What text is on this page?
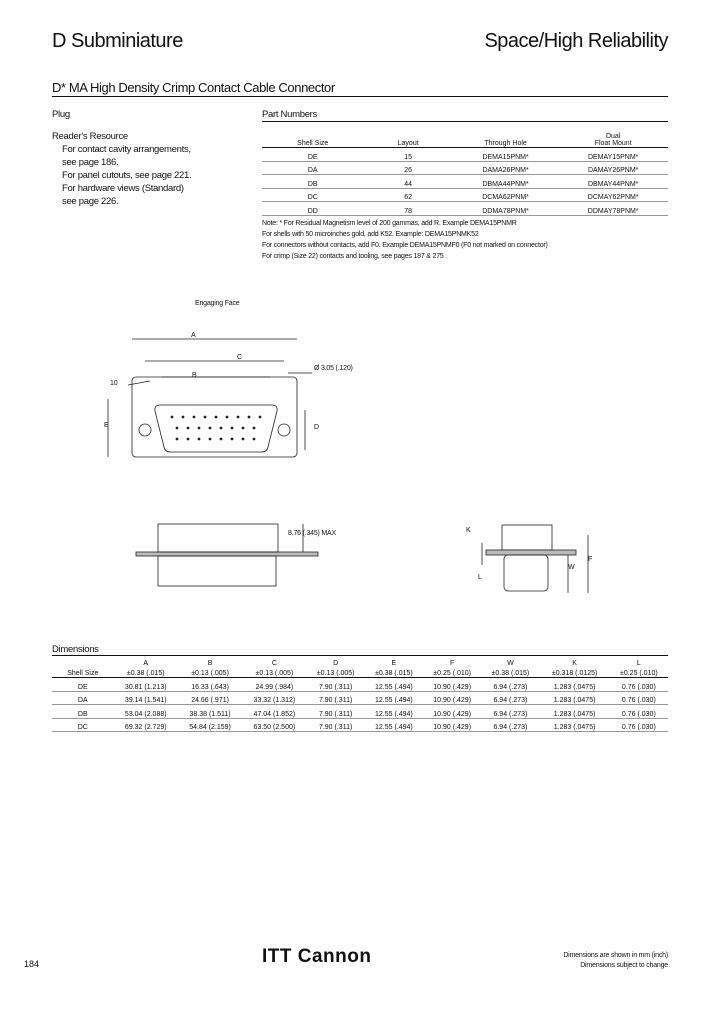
D Subminiature	Space/High Reliability
D* MA High Density Crimp Contact Cable Connector
Plug
Reader's Resource
For contact cavity arrangements,
see page 186.
For panel cutouts, see page 221.
For hardware views (Standard)
see page 226.
Part Numbers
Shell Size	Layout	Through Hole	Dual
Float Mount

DE	15	DEMA15PNM*	DEMAY15PNM*
DA	26	DAMA26PNM*	DAMAY26PNM*
DB	44	DBMA44PNM*	DBMAY44PNM*
DC	62	DCMA62PNM*	DCMAY62PNM*
DD	78	DDMA78PNM*	DDMAY78PNM*
Note: * For Residual Magnetism level of 200 gammas, add R. Example DEMA15PNMR
For shells with 50 microinches gold, add K52. Example: DEMA15PNMK52
For connectors without contacts, add F0. Example DEMA15PNMF0 (F0 not marked on connector)
For crimp (Size 22) contacts and tooling, see pages 187 & 275
Engaging Face
A
C
B
10
E	D
Ø 3.05 (.120)
8.76 (.345) MAX	K
L
W
F
Dimensions
	A	B	C	D	E	F	W	K	L
Shell Size	±0.38 (.015)	±0.13 (.005)	±0.13 (.005)	±0.13 (.005)	±0.38 (.015)	±0.25 (.010)	±0.38 (.015)	±0.318 (.0125)	±0.25 (.010)
DE	30.81 (1.213)	16.33 (.643)	24.99 (.984)	7.90 (.311)	12.55 (.494)	10.90 (.429)	6.94 (.273)	1.283 (.0475)	0.76 (.030)
DA	39.14 (1.541)	24.66 (.971)	33.32 (1.312)	7.90 (.311)	12.55 (.494)	10.90 (.429)	6.94 (.273)	1.283 (.0475)	0.76 (.030)
DB	53.04 (2.088)	38.38 (1.511)	47.04 (1.852)	7.90 (.311)	12.55 (.494)	10.90 (.429)	6.94 (.273)	1.283 (.0475)	0.76 (.030)
DC	69.32 (2.729)	54.84 (2.159)	63.50 (2.500)	7.90 (.311)	12.55 (.494)	10.90 (.429)	6.94 (.273)	1.283 (.0475)	0.76 (.030)
184	ITT Cannon	Dimensions are shown in mm (inch)
Dimensions subject to change
